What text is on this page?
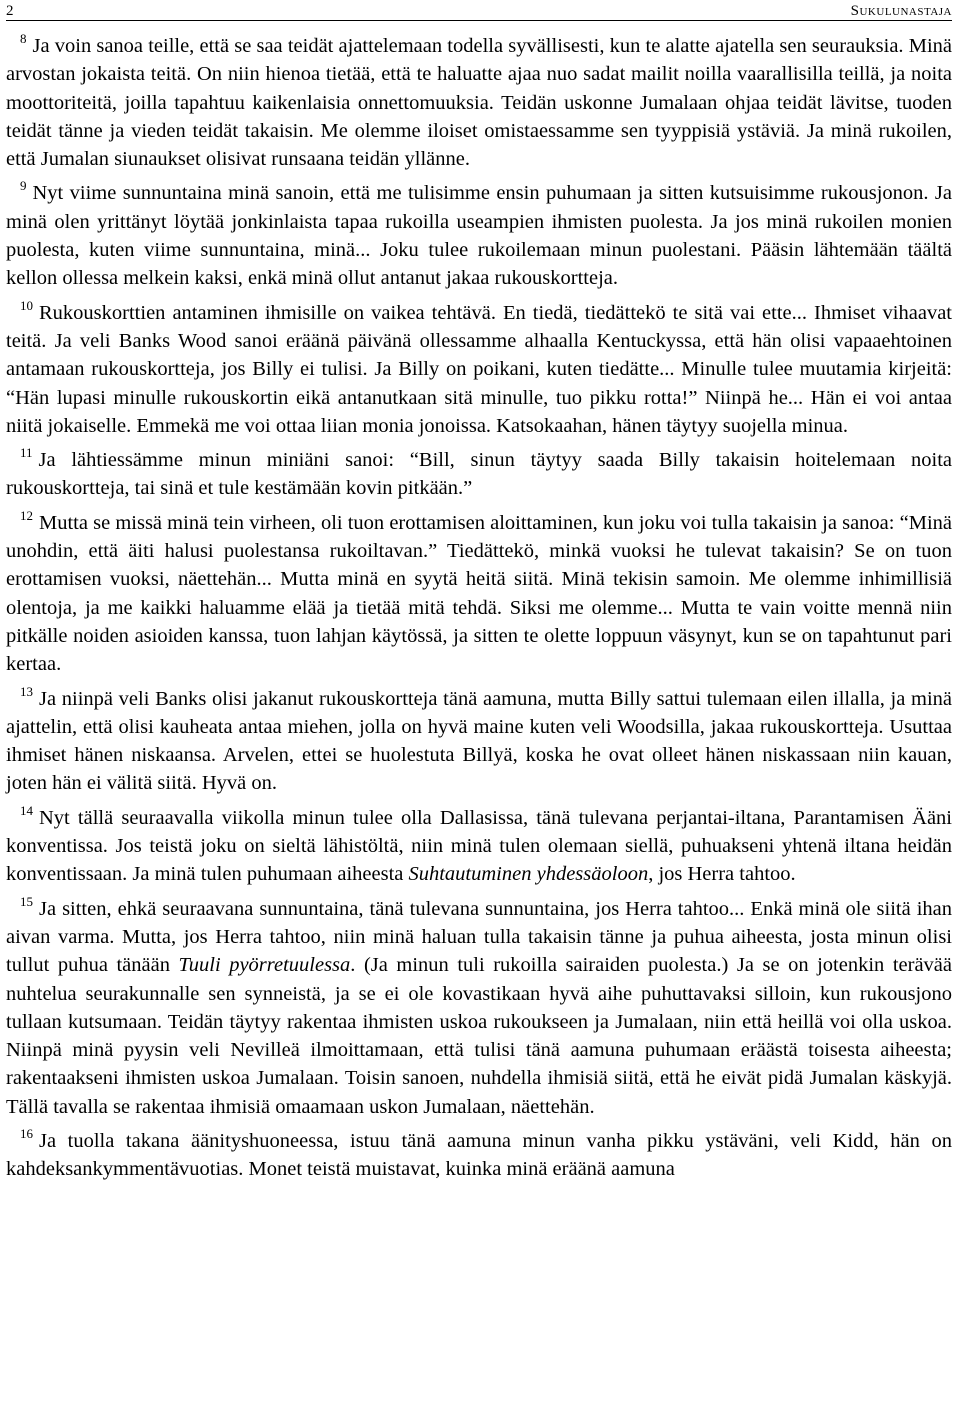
2	Sukulunastaja

$^8$ Ja voin sanoa teille, että se saa teidät ajattelemaan todella syvällisesti, kun te alatte ajatella sen seurauksia. Minä arvostan jokaista teitä. On niin hienoa tietää, että te haluatte ajaa nuo sadat mailit noilla vaarallisilla teillä, ja noita moottoriteitä, joilla tapahtuu kaikenlaisia onnettomuuksia. Teidän uskonne Jumalaan ohjaa teidät lävitse, tuoden teidät tänne ja vieden teidät takaisin. Me olemme iloiset omistaessamme sen tyyppisiä ystäviä. Ja minä rukoilen, että Jumalan siunaukset olisivat runsaana teidän yllänne.

$^9$ Nyt viime sunnuntaina minä sanoin, että me tulisimme ensin puhumaan ja sitten kutsuisimme rukousjonon. Ja minä olen yrittänyt löytää jonkinlaista tapaa rukoilla useampien ihmisten puolesta. Ja jos minä rukoilen monien puolesta, kuten viime sunnuntaina, minä... Joku tulee rukoilemaan minun puolestani. Pääsin lähtemään täältä kellon ollessa melkein kaksi, enkä minä ollut antanut jakaa rukouskortteja.

$^{10}$ Rukouskorttien antaminen ihmisille on vaikea tehtävä. En tiedä, tiedättekö te sitä vai ette... Ihmiset vihaavat teitä. Ja veli Banks Wood sanoi eräänä päivänä ollessamme alhaalla Kentuckyssa, että hän olisi vapaaehtoinen antamaan rukouskortteja, jos Billy ei tulisi. Ja Billy on poikani, kuten tiedätte... Minulle tulee muutamia kirjeitä: “Hän lupasi minulle rukouskortin eikä antanutkaan sitä minulle, tuo pikku rotta!” Niinpä he... Hän ei voi antaa niitä jokaiselle. Emmekä me voi ottaa liian monia jonoissa. Katsokaahan, hänen täytyy suojella minua.

$^{11}$ Ja lähtiessämme minun miniäni sanoi: “Bill, sinun täytyy saada Billy takaisin hoitelemaan noita rukouskortteja, tai sinä et tule kestämään kovin pitkään.”

$^{12}$ Mutta se missä minä tein virheen, oli tuon erottamisen aloittaminen, kun joku voi tulla takaisin ja sanoa: “Minä unohdin, että äiti halusi puolestansa rukoiltavan.” Tiedättekö, minkä vuoksi he tulevat takaisin? Se on tuon erottamisen vuoksi, näettehän... Mutta minä en syytä heitä siitä. Minä tekisin samoin. Me olemme inhimillisiä olentoja, ja me kaikki haluamme elää ja tietää mitä tehdä. Siksi me olemme... Mutta te vain voitte mennä niin pitkälle noiden asioiden kanssa, tuon lahjan käytössä, ja sitten te olette loppuun väsynyt, kun se on tapahtunut pari kertaa.

$^{13}$ Ja niinpä veli Banks olisi jakanut rukouskortteja tänä aamuna, mutta Billy sattui tulemaan eilen illalla, ja minä ajattelin, että olisi kauheata antaa miehen, jolla on hyvä maine kuten veli Woodsilla, jakaa rukouskortteja. Usuttaa ihmiset hänen niskaansa. Arvelen, ettei se huolestuta Billyä, koska he ovat olleet hänen niskassaan niin kauan, joten hän ei välitä siitä. Hyvä on.

$^{14}$ Nyt tällä seuraavalla viikolla minun tulee olla Dallasissa, tänä tulevana perjantai-iltana, Parantamisen Ääni konventissa. Jos teistä joku on sieltä lähistöltä, niin minä tulen olemaan siellä, puhuakseni yhtenä iltana heidän konventissaan. Ja minä tulen puhumaan aiheesta Suhtautuminen yhdessäoloon, jos Herra tahtoo.

$^{15}$ Ja sitten, ehkä seuraavana sunnuntaina, tänä tulevana sunnuntaina, jos Herra tahtoo... Enkä minä ole siitä ihan aivan varma. Mutta, jos Herra tahtoo, niin minä haluan tulla takaisin tänne ja puhua aiheesta, josta minun olisi tullut puhua tänään Tuuli pyörretuulessa. (Ja minun tuli rukoilla sairaiden puolesta.) Ja se on jotenkin terävää nuhtelua seurakunnalle sen synneistä, ja se ei ole kovastikaan hyvä aihe puhuttavaksi silloin, kun rukousjono tullaan kutsumaan. Teidän täytyy rakentaa ihmisten uskoa rukoukseen ja Jumalaan, niin että heillä voi olla uskoa. Niinpä minä pyysin veli Nevilleä ilmoittamaan, että tulisi tänä aamuna puhumaan eräästä toisesta aiheesta; rakentaakseni ihmisten uskoa Jumalaan. Toisin sanoen, nuhdella ihmisiä siitä, että he eivät pidä Jumalan käskyjä. Tällä tavalla se rakentaa ihmisiä omaamaan uskon Jumalaan, näettehän.

$^{16}$ Ja tuolla takana äänityshuoneessa, istuu tänä aamuna minun vanha pikku ystäväni, veli Kidd, hän on kahdeksankymmentävuotias. Monet teistä muistavat, kuinka minä eräänä aamuna
